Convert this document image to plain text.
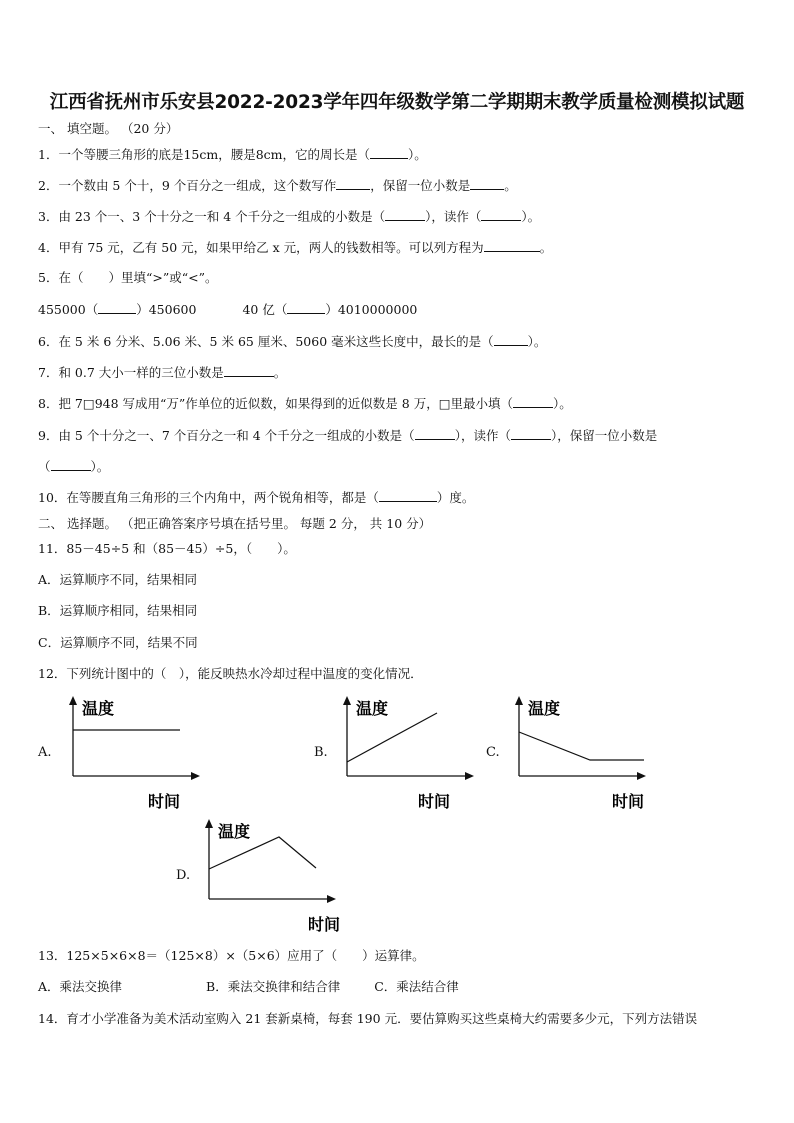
江西省抚州市乐安县2022-2023学年四年级数学第二学期期末教学质量检测模拟试题
一、 填空题。 （20 分）
1．一个等腰三角形的底是15cm，腰是8cm，它的周长是（	）。
2．一个数由 5 个十，9 个百分之一组成，这个数写作	，保留一位小数是	。
3．由 23 个一、3 个十分之一和 4 个千分之一组成的小数是（	），读作（	）。
4．甲有 75 元，乙有 50 元，如果甲给乙 x 元，两人的钱数相等。可以列方程为	。
5．在（　　）里填“>”或“<”。
455000（	）450600	40 亿（	）4010000000
6．在 5 米 6 分米、5.06 米、5 米 65 厘米、5060 毫米这些长度中，最长的是（	）。
7．和 0.7 大小一样的三位小数是	。
8．把 7□948 写成用“万”作单位的近似数，如果得到的近似数是 8 万，□里最小填（	）。
9．由 5 个十分之一、7 个百分之一和 4 个千分之一组成的小数是（	），读作（	），保留一位小数是
（	）。
10．在等腰直角三角形的三个内角中，两个锐角相等，都是（	）度。
二、 选择题。 （把正确答案序号填在括号里。 每题 2 分， 共 10 分）
11．85－45÷5 和（85－45）÷5，（　　）。
A．运算顺序不同，结果相同
B．运算顺序相同，结果相同
C．运算顺序不同，结果不同
12．下列统计图中的（　），能反映热水冷却过程中温度的变化情况．
A.
温度
时间
B.
温度
时间
C.
温度
时间
D.
温度
时间
13．125×5×6×8＝（125×8）×（5×6）应用了（　　）运算律。
A．乘法交换律	B．乘法交换律和结合律	C．乘法结合律
14．育才小学准备为美术活动室购入 21 套新桌椅，每套 190 元．要估算购买这些桌椅大约需要多少元，下列方法错误
